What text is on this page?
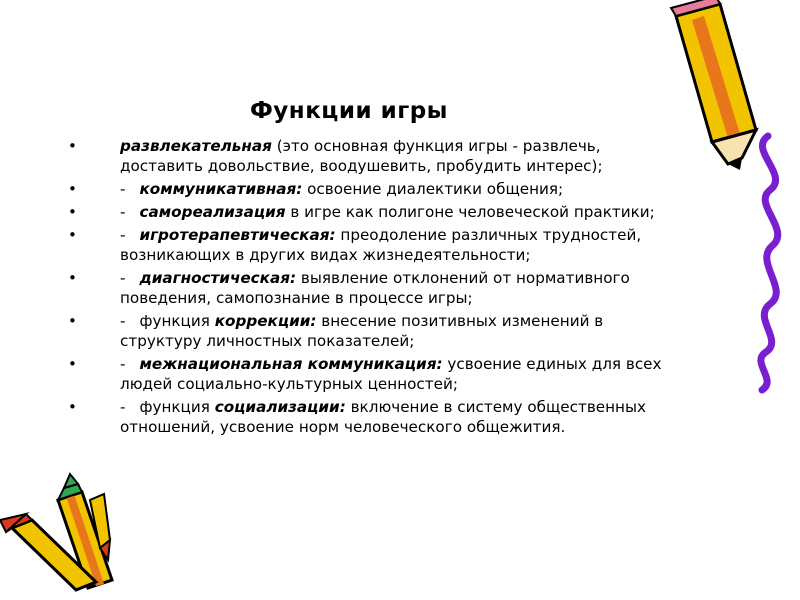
Функции игры
•	развлекательная (это основная функция игры - развлечь, доставить довольствие, воодушевить, пробудить интерес);
•	- коммуникативная: освоение диалектики общения;
•	- самореализация в игре как полигоне человеческой практики;
•	- игротерапевтическая: преодоление различных трудностей, возникающих в других видах жизнедеятельности;
•	- диагностическая: выявление отклонений от нормативного поведения, самопознание в процессе игры;
•	- функция коррекции: внесение позитивных изменений в структуру личностных показателей;
•	- межнациональная коммуникация: усвоение единых для всех людей социально-культурных ценностей;
•	- функция социализации: включение в систему общественных отношений, усвоение норм человеческого общежития.
